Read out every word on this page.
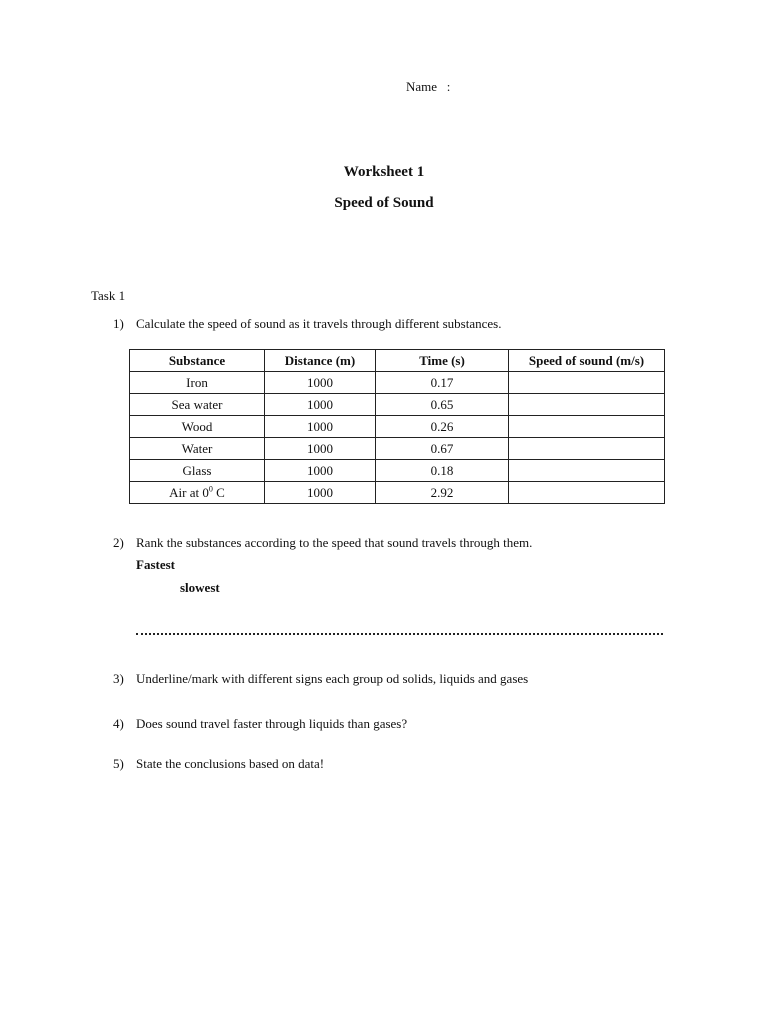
Name   :
Worksheet 1
Speed of Sound
Task 1
1) Calculate the speed of sound as it travels through different substances.
Substance	Distance (m)	Time (s)	Speed of sound (m/s)
Iron	1000	0.17	
Sea water	1000	0.65	
Wood	1000	0.26	
Water	1000	0.67	
Glass	1000	0.18	
Air at $0^0$ C	1000	2.92	
2) Rank the substances according to the speed that sound travels through them.
Fastest
slowest
3) Underline/mark with different signs each group od solids, liquids and gases
4) Does sound travel faster through liquids than gases?
5) State the conclusions based on data!
